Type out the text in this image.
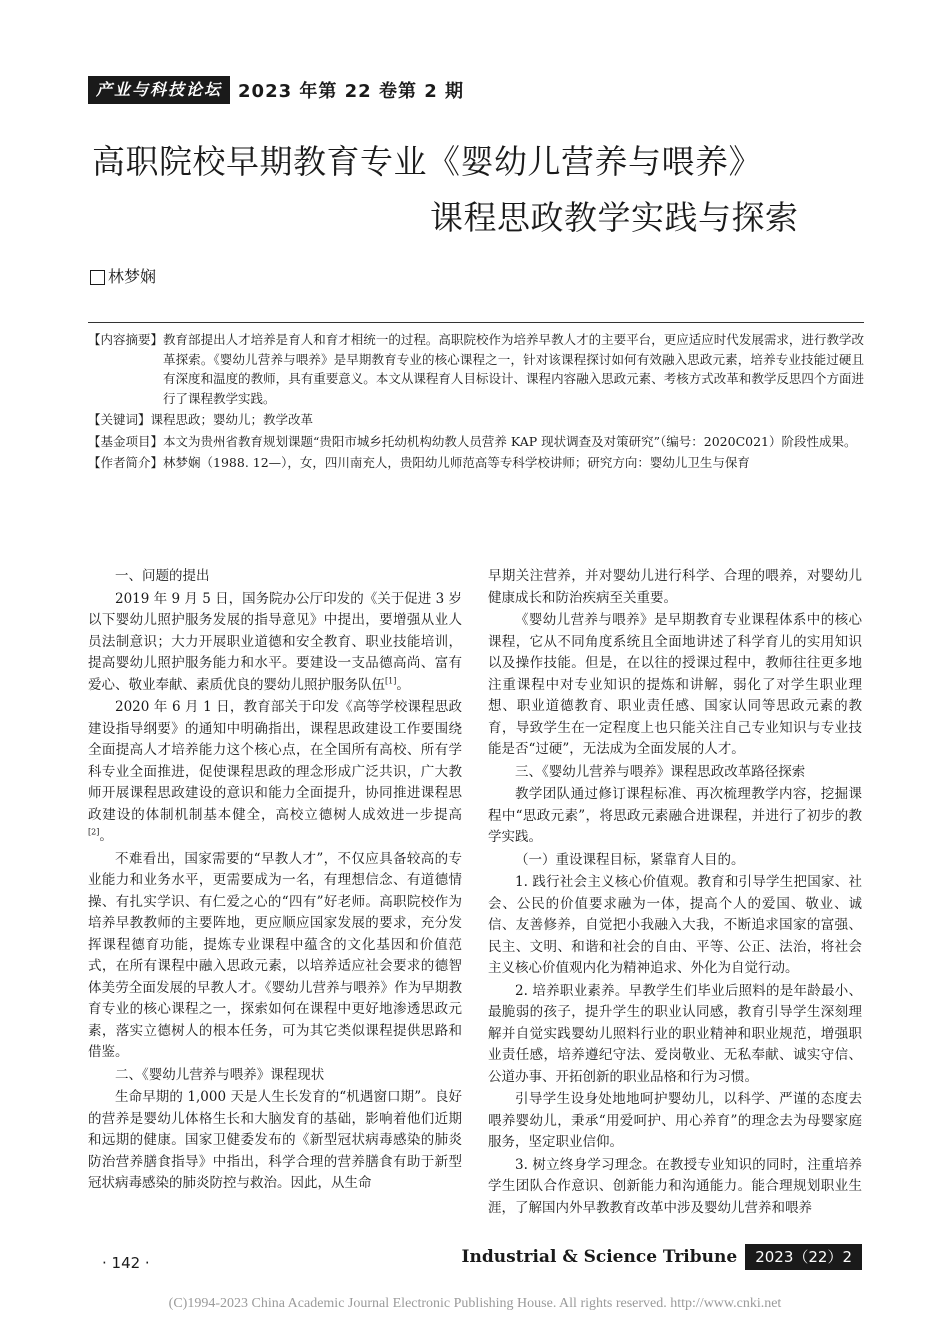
产业与科技论坛 2023 年第 22 卷第 2 期
高职院校早期教育专业《婴幼儿营养与喂养》
课程思政教学实践与探索
林梦娴
【内容摘要】 教育部提出人才培养是育人和育才相统一的过程。高职院校作为培养早教人才的主要平台，更应适应时代发展需求，进行教学改革探索。《婴幼儿营养与喂养》是早期教育专业的核心课程之一，针对该课程探讨如何有效融入思政元素，培养专业技能过硬且有深度和温度的教师，具有重要意义。本文从课程育人目标设计、课程内容融入思政元素、考核方式改革和教学反思四个方面进行了课程教学实践。
【关键词】 课程思政；婴幼儿；教学改革
【基金项目】 本文为贵州省教育规划课题“贵阳市城乡托幼机构幼教人员营养 KAP 现状调查及对策研究”（编号：2020C021）阶段性成果。
【作者简介】 林梦娴（1988. 12—），女，四川南充人，贵阳幼儿师范高等专科学校讲师；研究方向：婴幼儿卫生与保育
一、问题的提出
2019 年 9 月 5 日，国务院办公厅印发的《关于促进 3 岁以下婴幼儿照护服务发展的指导意见》中提出，要增强从业人员法制意识；大力开展职业道德和安全教育、职业技能培训，提高婴幼儿照护服务能力和水平。要建设一支品德高尚、富有爱心、敬业奉献、素质优良的婴幼儿照护服务队伍[1]。
2020 年 6 月 1 日，教育部关于印发《高等学校课程思政建设指导纲要》的通知中明确指出，课程思政建设工作要围绕全面提高人才培养能力这个核心点，在全国所有高校、所有学科专业全面推进，促使课程思政的理念形成广泛共识，广大教师开展课程思政建设的意识和能力全面提升，协同推进课程思政建设的体制机制基本健全，高校立德树人成效进一步提高[2]。
不难看出，国家需要的“早教人才”，不仅应具备较高的专业能力和业务水平，更需要成为一名，有理想信念、有道德情操、有扎实学识、有仁爱之心的“四有”好老师。高职院校作为培养早教教师的主要阵地，更应顺应国家发展的要求，充分发挥课程德育功能，提炼专业课程中蕴含的文化基因和价值范式，在所有课程中融入思政元素，以培养适应社会要求的德智体美劳全面发展的早教人才。《婴幼儿营养与喂养》作为早期教育专业的核心课程之一，探索如何在课程中更好地渗透思政元素，落实立德树人的根本任务，可为其它类似课程提供思路和借鉴。
二、《婴幼儿营养与喂养》课程现状
生命早期的 1,000 天是人生长发育的“机遇窗口期”。良好的营养是婴幼儿体格生长和大脑发育的基础，影响着他们近期和远期的健康。国家卫健委发布的《新型冠状病毒感染的肺炎防治营养膳食指导》中指出，科学合理的营养膳食有助于新型冠状病毒感染的肺炎防控与救治。因此，从生命
早期关注营养，并对婴幼儿进行科学、合理的喂养，对婴幼儿健康成长和防治疾病至关重要。
《婴幼儿营养与喂养》是早期教育专业课程体系中的核心课程，它从不同角度系统且全面地讲述了科学育儿的实用知识以及操作技能。但是，在以往的授课过程中，教师往往更多地注重课程中对专业知识的提炼和讲解，弱化了对学生职业理想、职业道德教育、职业责任感、国家认同等思政元素的教育，导致学生在一定程度上也只能关注自己专业知识与专业技能是否“过硬”，无法成为全面发展的人才。
三、《婴幼儿营养与喂养》课程思政改革路径探索
教学团队通过修订课程标准、再次梳理教学内容，挖掘课程中“思政元素”，将思政元素融合进课程，并进行了初步的教学实践。
（一）重设课程目标，紧靠育人目的。
1. 践行社会主义核心价值观。教育和引导学生把国家、社会、公民的价值要求融为一体，提高个人的爱国、敬业、诚信、友善修养，自觉把小我融入大我，不断追求国家的富强、民主、文明、和谐和社会的自由、平等、公正、法治，将社会主义核心价值观内化为精神追求、外化为自觉行动。
2. 培养职业素养。早教学生们毕业后照料的是年龄最小、最脆弱的孩子，提升学生的职业认同感，教育引导学生深刻理解并自觉实践婴幼儿照料行业的职业精神和职业规范，增强职业责任感，培养遵纪守法、爱岗敬业、无私奉献、诚实守信、公道办事、开拓创新的职业品格和行为习惯。
引导学生设身处地地呵护婴幼儿，以科学、严谨的态度去喂养婴幼儿，秉承“用爱呵护、用心养育”的理念去为母婴家庭服务，坚定职业信仰。
3. 树立终身学习理念。在教授专业知识的同时，注重培养学生团队合作意识、创新能力和沟通能力。能合理规划职业生涯，了解国内外早教教育改革中涉及婴幼儿营养和喂养
· 142 ·	Industrial & Science Tribune	2023（22）2
(C)1994-2023 China Academic Journal Electronic Publishing House. All rights reserved. http://www.cnki.net
